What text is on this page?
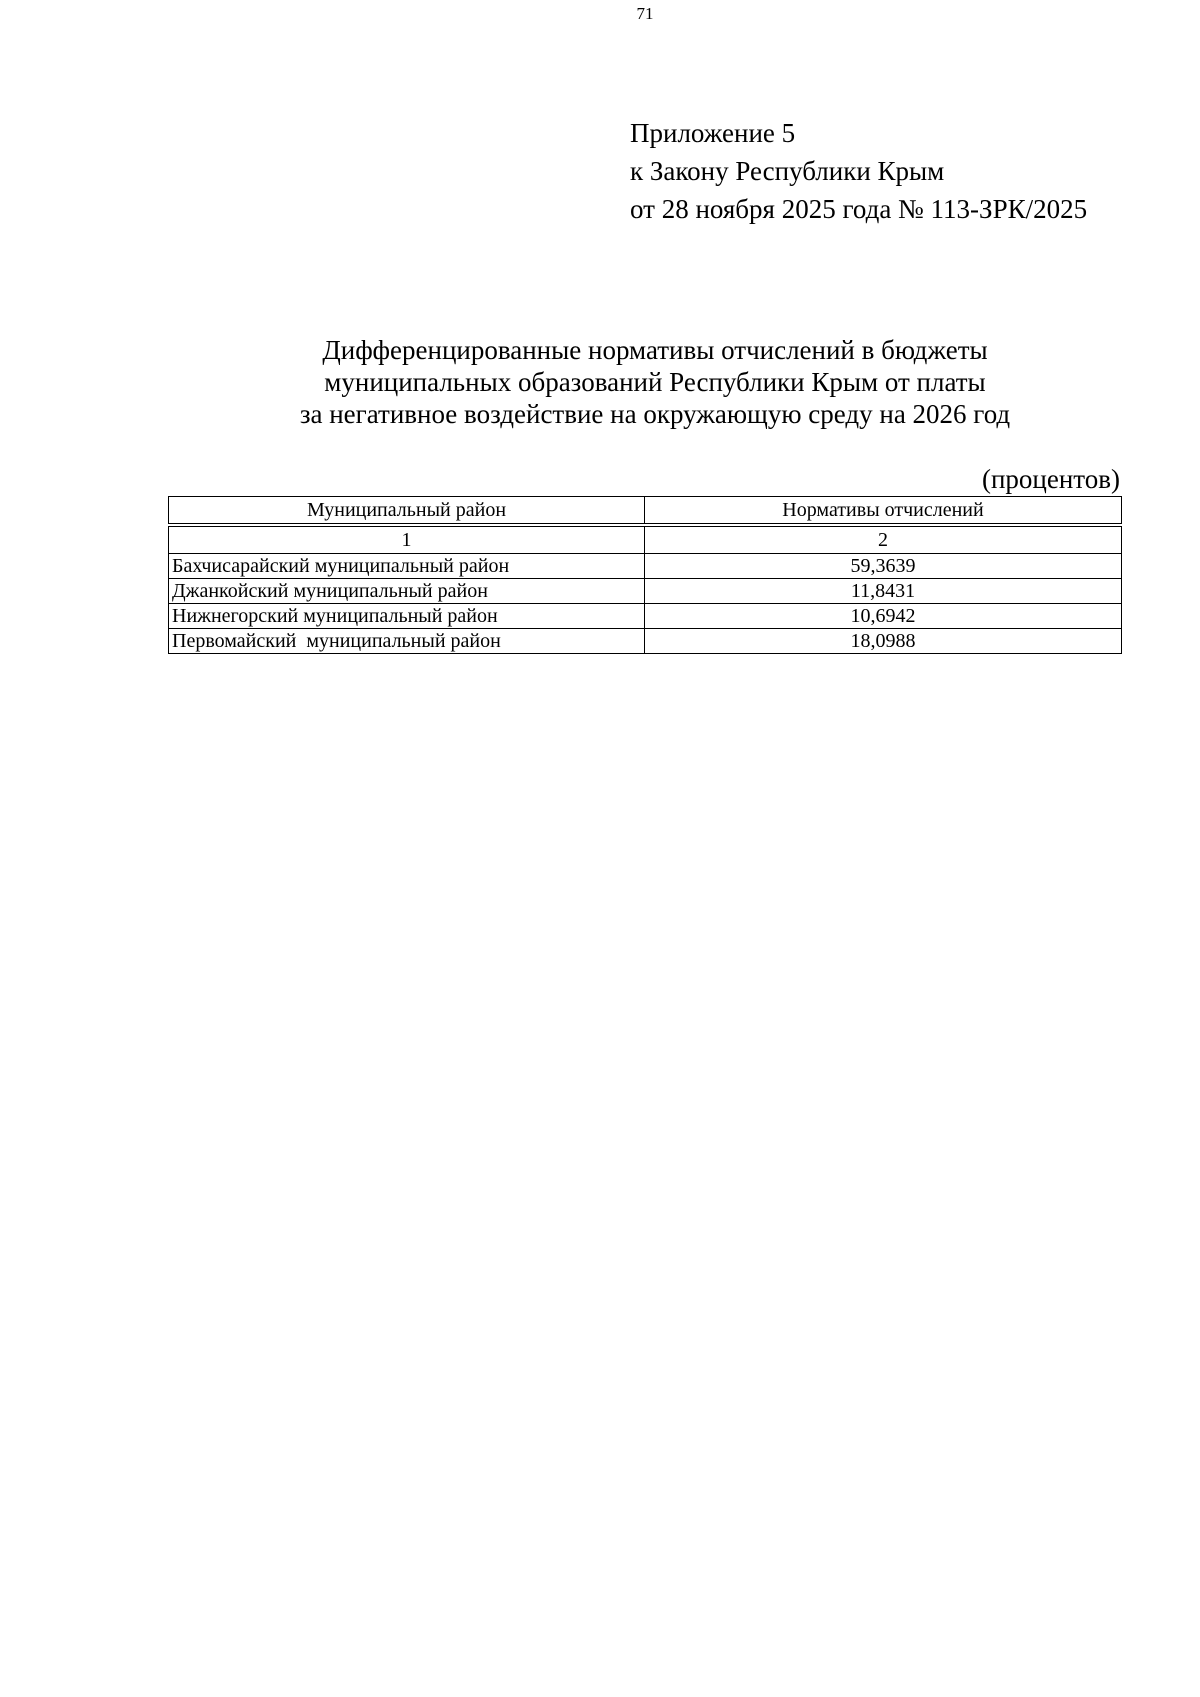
71
Приложение 5
к Закону Республики Крым
от 28 ноября 2025 года № 113-ЗРК/2025
Дифференцированные нормативы отчислений в бюджеты
муниципальных образований Республики Крым от платы
за негативное воздействие на окружающую среду на 2026 год
(процентов)
Муниципальный район	Нормативы отчислений

1	2
Бахчисарайский муниципальный район	59,3639
Джанкойский муниципальный район	11,8431
Нижнегорский муниципальный район	10,6942
Первомайский  муниципальный район	18,0988
